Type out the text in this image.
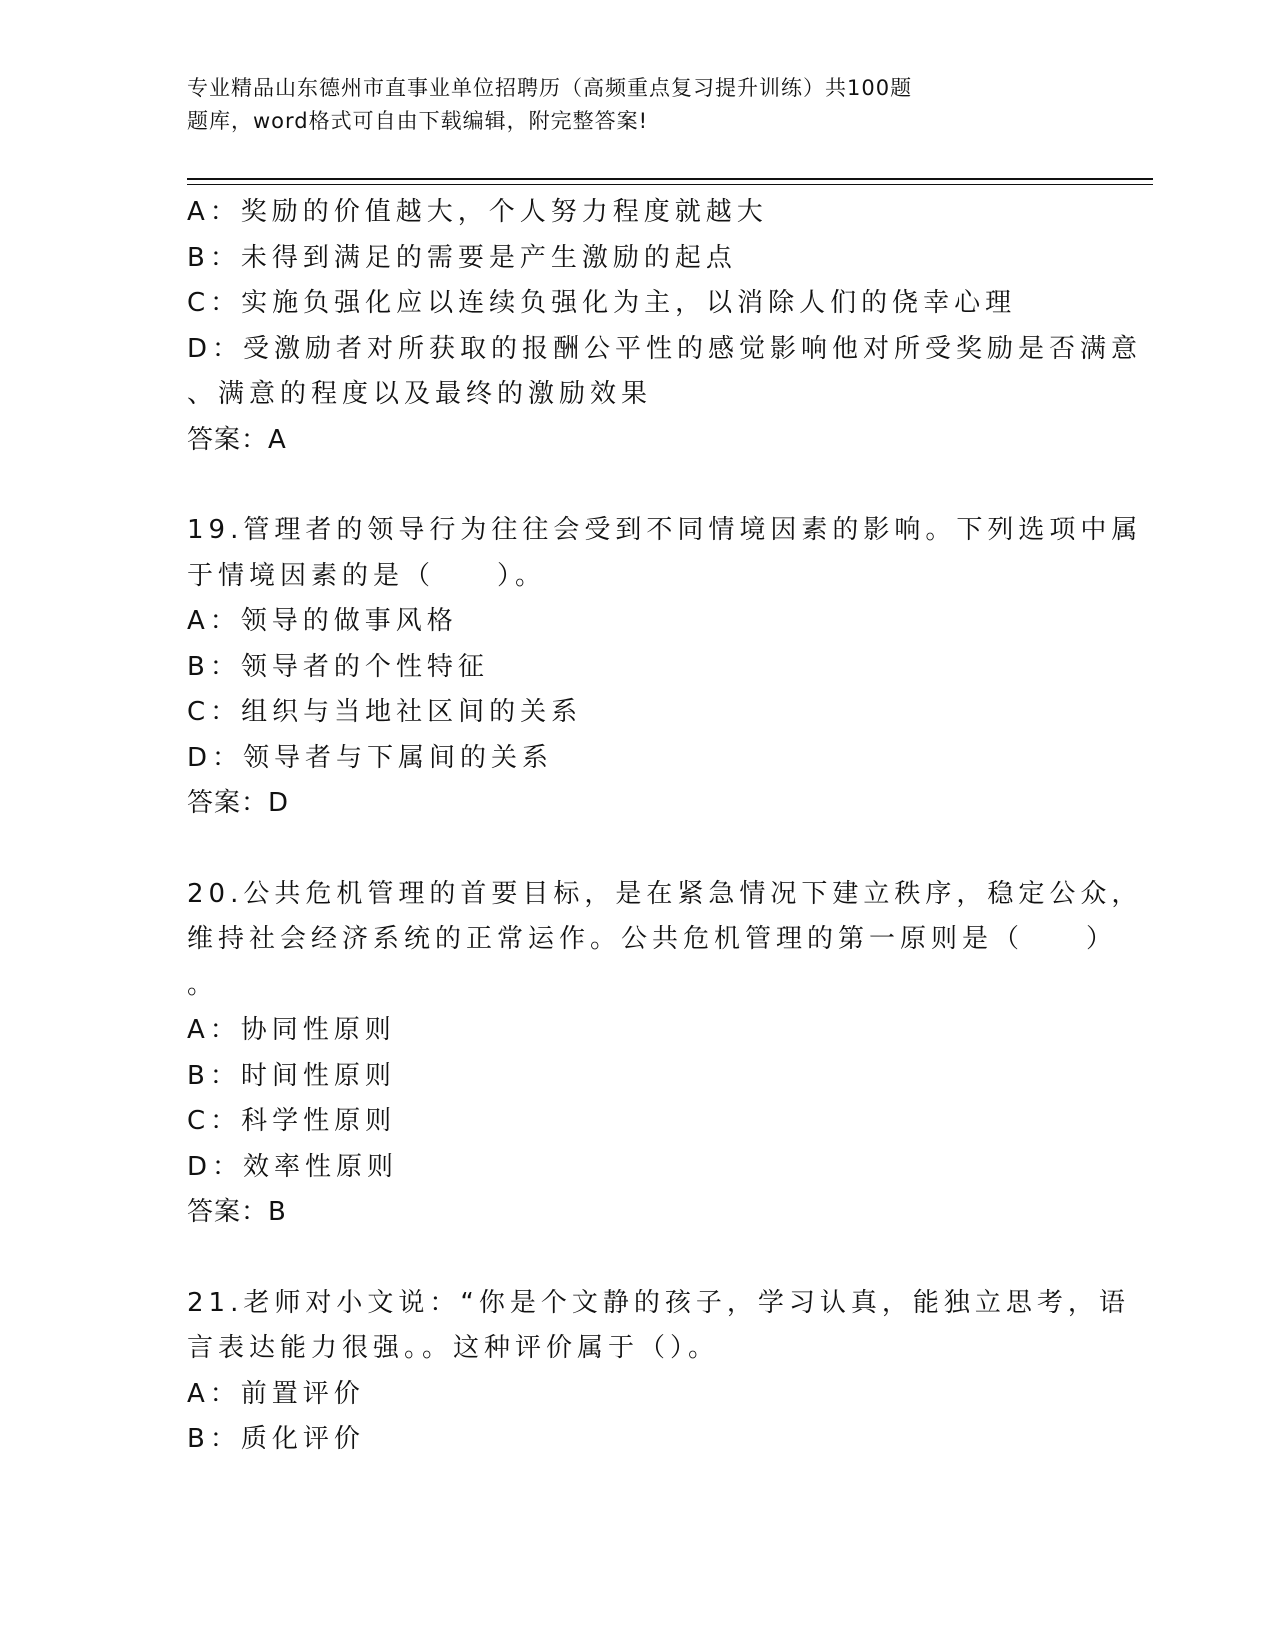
专业精品山东德州市直事业单位招聘历（高频重点复习提升训练）共100题
题库，word格式可自由下载编辑，附完整答案!
A：奖励的价值越大，个人努力程度就越大
B：未得到满足的需要是产生激励的起点
C：实施负强化应以连续负强化为主，以消除人们的侥幸心理
D：受激励者对所获取的报酬公平性的感觉影响他对所受奖励是否满意
、满意的程度以及最终的激励效果
答案：A
19.管理者的领导行为往往会受到不同情境因素的影响。下列选项中属
于情境因素的是（　　）。
A：领导的做事风格
B：领导者的个性特征
C：组织与当地社区间的关系
D：领导者与下属间的关系
答案：D
20.公共危机管理的首要目标，是在紧急情况下建立秩序，稳定公众，
维持社会经济系统的正常运作。公共危机管理的第一原则是（　　）
。
A：协同性原则
B：时间性原则
C：科学性原则
D：效率性原则
答案：B
21.老师对小文说：“你是个文静的孩子，学习认真，能独立思考，语
言表达能力很强。。这种评价属于（）。
A：前置评价
B：质化评价
